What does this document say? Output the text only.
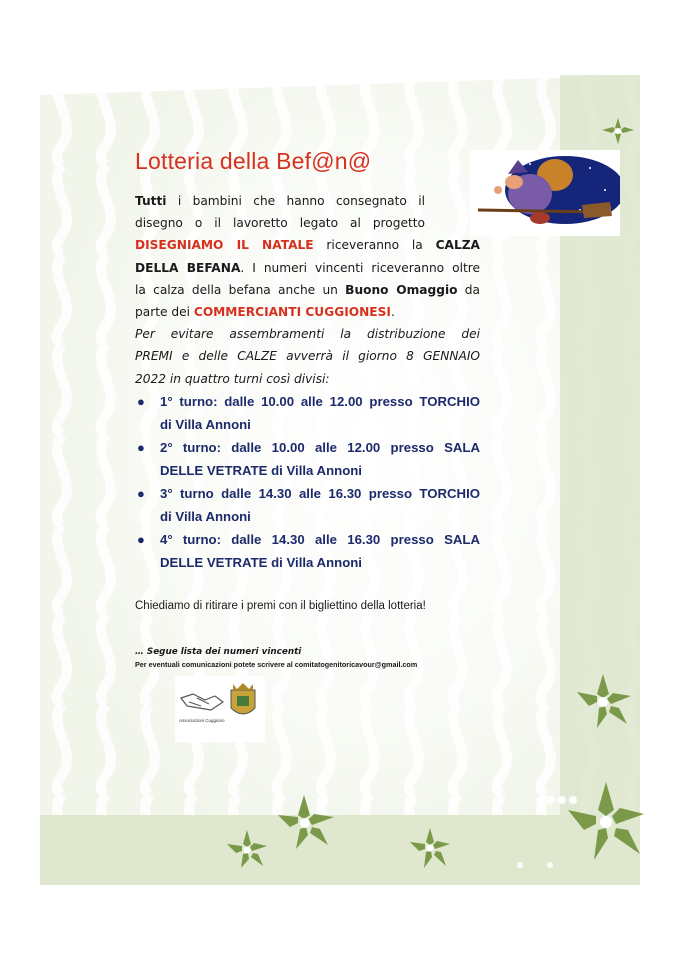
Lotteria della Bef@n@
Tutti i bambini che hanno consegnato il
disegno o il lavoretto legato al progetto
DISEGNIAMO IL NATALE riceveranno la CALZA
DELLA BEFANA. I numeri vincenti riceveranno oltre
la calza della befana anche un Buono Omaggio da
parte dei COMMERCIANTI CUGGIONESI.
Per evitare assembramenti la distribuzione dei
PREMI e delle CALZE avverrà il giorno 8 GENNAIO
2022 in quattro turni così divisi:
● 1° turno: dalle 10.00 alle 12.00 presso TORCHIO
di Villa Annoni
● 2° turno: dalle 10.00 alle 12.00 presso SALA
DELLE VETRATE di Villa Annoni
● 3° turno dalle 14.30 alle 16.30 presso TORCHIO
di Villa Annoni
● 4° turno: dalle 14.30 alle 16.30 presso SALA
DELLE VETRATE di Villa Annoni
Chiediamo di ritirare i premi con il bigliettino della lotteria!
… Segue lista dei numeri vincenti
Per eventuali comunicazioni potete scrivere al comitatogenitoricavour@gmail.com
Associazioni Cuggiono
